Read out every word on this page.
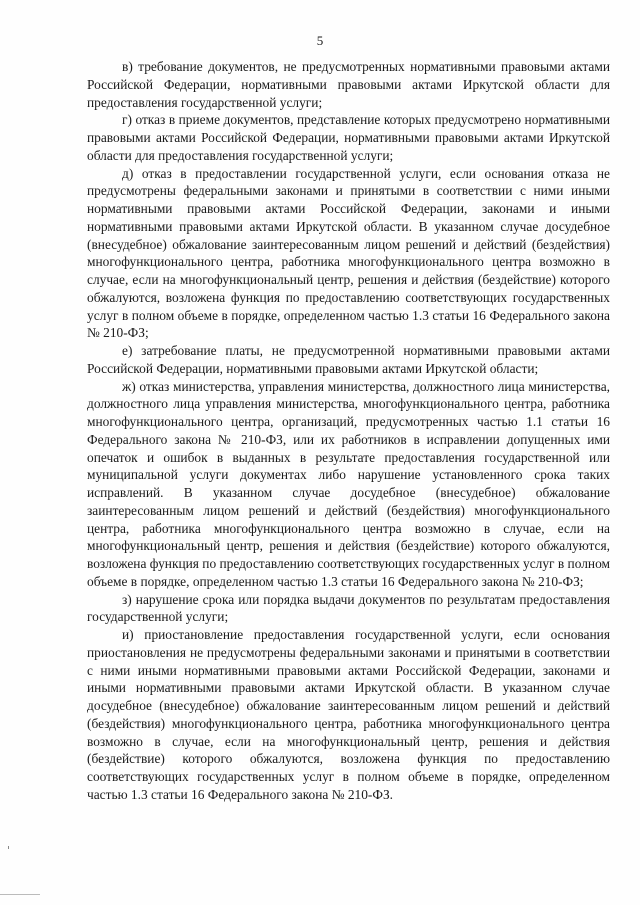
5

в) требование документов, не предусмотренных нормативными правовыми актами Российской Федерации, нормативными правовыми актами Иркутской области для предоставления государственной услуги;

г) отказ в приеме документов, представление которых предусмотрено нормативными правовыми актами Российской Федерации, нормативными правовыми актами Иркутской области для предоставления государственной услуги;

д) отказ в предоставлении государственной услуги, если основания отказа не предусмотрены федеральными законами и принятыми в соответствии с ними иными нормативными правовыми актами Российской Федерации, законами и иными нормативными правовыми актами Иркутской области. В указанном случае досудебное (внесудебное) обжалование заинтересованным лицом решений и действий (бездействия) многофункционального центра, работника многофункционального центра возможно в случае, если на многофункциональный центр, решения и действия (бездействие) которого обжалуются, возложена функция по предоставлению соответствующих государственных услуг в полном объеме в порядке, определенном частью 1.3 статьи 16 Федерального закона № 210-ФЗ;

е) затребование платы, не предусмотренной нормативными правовыми актами Российской Федерации, нормативными правовыми актами Иркутской области;

ж) отказ министерства, управления министерства, должностного лица министерства, должностного лица управления министерства, многофункционального центра, работника многофункционального центра, организаций, предусмотренных частью 1.1 статьи 16 Федерального закона № 210-ФЗ, или их работников в исправлении допущенных ими опечаток и ошибок в выданных в результате предоставления государственной или муниципальной услуги документах либо нарушение установленного срока таких исправлений. В указанном случае досудебное (внесудебное) обжалование заинтересованным лицом решений и действий (бездействия) многофункционального центра, работника многофункционального центра возможно в случае, если на многофункциональный центр, решения и действия (бездействие) которого обжалуются, возложена функция по предоставлению соответствующих государственных услуг в полном объеме в порядке, определенном частью 1.3 статьи 16 Федерального закона № 210-ФЗ;

з) нарушение срока или порядка выдачи документов по результатам предоставления государственной услуги;

и) приостановление предоставления государственной услуги, если основания приостановления не предусмотрены федеральными законами и принятыми в соответствии с ними иными нормативными правовыми актами Российской Федерации, законами и иными нормативными правовыми актами Иркутской области. В указанном случае досудебное (внесудебное) обжалование заинтересованным лицом решений и действий (бездействия) многофункционального центра, работника многофункционального центра возможно в случае, если на многофункциональный центр, решения и действия (бездействие) которого обжалуются, возложена функция по предоставлению соответствующих государственных услуг в полном объеме в порядке, определенном частью 1.3 статьи 16 Федерального закона № 210-ФЗ.
